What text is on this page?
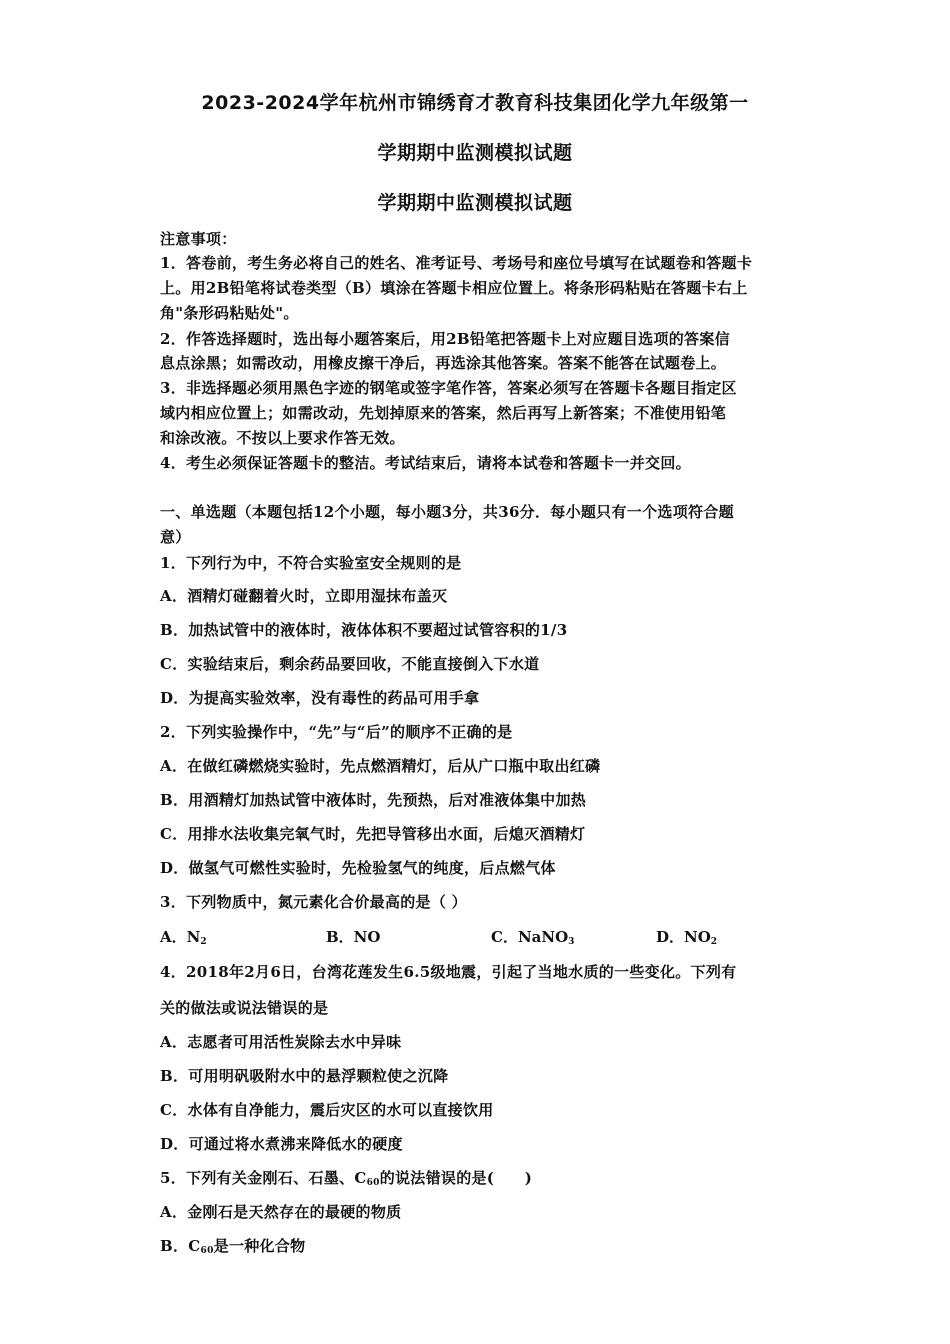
2023-2024学年杭州市锦绣育才教育科技集团化学九年级第一
学期期中监测模拟试题
学期期中监测模拟试题
注意事项：
1．答卷前，考生务必将自己的姓名、准考证号、考场号和座位号填写在试题卷和答题卡
上。用2B铅笔将试卷类型（B）填涂在答题卡相应位置上。将条形码粘贴在答题卡右上
角"条形码粘贴处"。
2．作答选择题时，选出每小题答案后，用2B铅笔把答题卡上对应题目选项的答案信
息点涂黑；如需改动，用橡皮擦干净后，再选涂其他答案。答案不能答在试题卷上。
3．非选择题必须用黑色字迹的钢笔或签字笔作答，答案必须写在答题卡各题目指定区
域内相应位置上；如需改动，先划掉原来的答案，然后再写上新答案；不准使用铅笔
和涂改液。不按以上要求作答无效。
4．考生必须保证答题卡的整洁。考试结束后，请将本试卷和答题卡一并交回。
一、单选题（本题包括12个小题，每小题3分，共36分．每小题只有一个选项符合题
意）
1．下列行为中，不符合实验室安全规则的是
A．酒精灯碰翻着火时，立即用湿抹布盖灭
B．加热试管中的液体时，液体体积不要超过试管容积的1/3
C．实验结束后，剩余药品要回收，不能直接倒入下水道
D．为提高实验效率，没有毒性的药品可用手拿
2．下列实验操作中，“先”与“后”的顺序不正确的是
A．在做红磷燃烧实验时，先点燃酒精灯，后从广口瓶中取出红磷
B．用酒精灯加热试管中液体时，先预热，后对准液体集中加热
C．用排水法收集完氧气时，先把导管移出水面，后熄灭酒精灯
D．做氢气可燃性实验时，先检验氢气的纯度，后点燃气体
3．下列物质中，氮元素化合价最高的是（ ）
A．$N_2$	B．NO	C．NaNO$_3$	D．$NO_2$
4．2018年2月6日，台湾花莲发生6.5级地震，引起了当地水质的一些变化。下列有
关的做法或说法错误的是
A．志愿者可用活性炭除去水中异味
B．可用明矾吸附水中的悬浮颗粒使之沉降
C．水体有自净能力，震后灾区的水可以直接饮用
D．可通过将水煮沸来降低水的硬度
5．下列有关金刚石、石墨、$C_{60}$的说法错误的是(　　)
A．金刚石是天然存在的最硬的物质
B．$C_{60}$是一种化合物
